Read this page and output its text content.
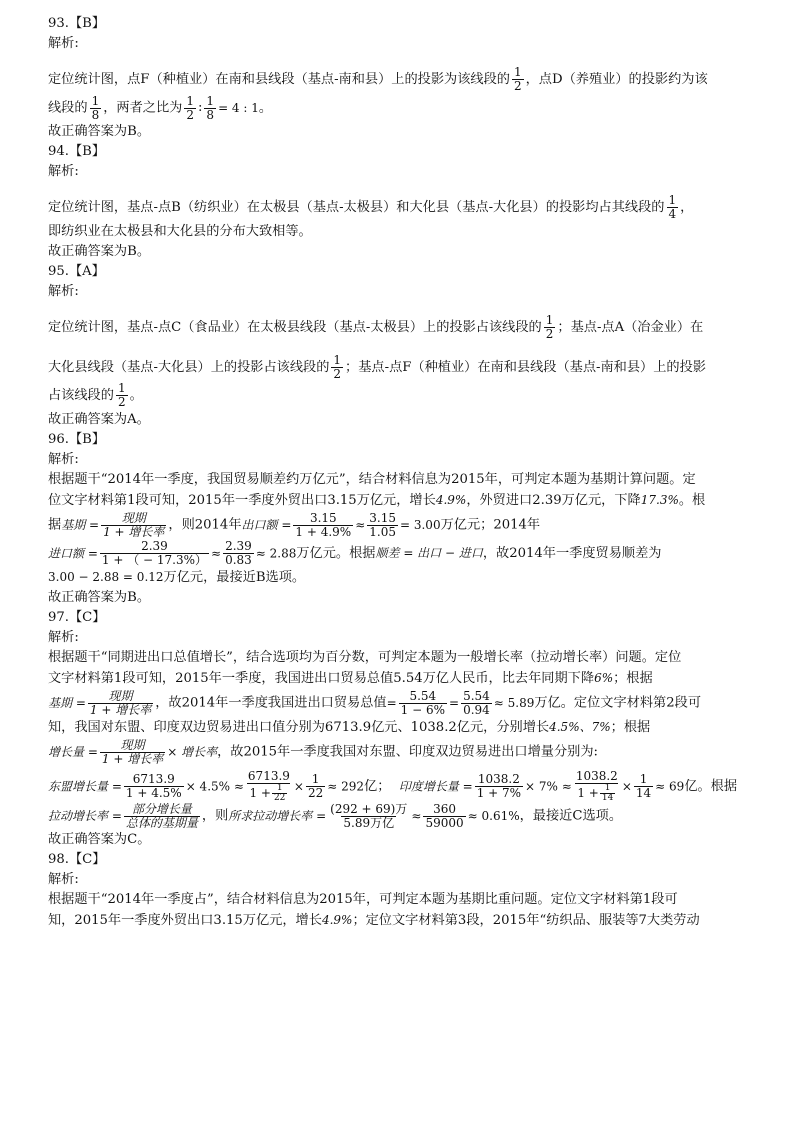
93.【B】
解析:
定位统计图，点F（种植业）在南和县线段（基点-南和县）上的投影为该线段的 $\frac{1}{2}$ ，点D（养殖业）的投影约为该
线段的 $\frac{1}{8}$ ，两者之比为 $\frac{1}{2}$ : $\frac{1}{8} = 4$ : 1。
故正确答案为B。
94.【B】
解析:
定位统计图，基点-点B（纺织业）在太极县（基点-太极县）和大化县（基点-大化县）的投影均占其线段的 $\frac{1}{4}$ ，
即纺织业在太极县和大化县的分布大致相等。
故正确答案为B。
95.【A】
解析:
定位统计图，基点-点C（食品业）在太极县线段（基点-太极县）上的投影占该线段的 $\frac{1}{2}$ ；基点-点A（冶金业）在
大化县线段（基点-大化县）上的投影占该线段的 $\frac{1}{2}$ ；基点-点F（种植业）在南和县线段（基点-南和县）上的投影
占该线段的 $\frac{1}{2}$ 。
故正确答案为A。
96.【B】
解析:
根据题干“2014年一季度，我国贸易顺差约万亿元”，结合材料信息为2015年，可判定本题为基期计算问题。定
位文字材料第1段可知，2015年一季度外贸出口3.15万亿元，增长4.9%，外贸进口2.39万亿元，下降17.3%。根
据基期 = $\frac{\text{现期}}{\text{1 + 增长率}}$ ，则2014年出口额 = $\frac{3.15}{1 + 4.9\%} \approx \frac{3.15}{1.05} = 3.00$万亿元；2014年
进口额 = $\frac{2.39}{1 + ( - 17.3\%)} \approx \frac{2.39}{0.83} \approx 2.88$万亿元。根据顺差 = 出口 − 进口，故2014年一季度贸易顺差为
3.00 − 2.88 = 0.12万亿元，最接近B选项。
故正确答案为B。
97.【C】
解析:
根据题干“同期进出口总值增长”，结合选项均为百分数，可判定本题为一般增长率（拉动增长率）问题。定位
文字材料第1段可知，2015年一季度，我国进出口贸易总值5.54万亿人民币，比去年同期下降6%；根据
基期 = $\frac{\text{现期}}{\text{1 + 增长率}}$ ，故2014年一季度我国进出口贸易总值= $\frac{5.54}{1 - 6\%} = \frac{5.54}{0.94} \approx 5.89$万亿。定位文字材料第2段可
知，我国对东盟、印度双边贸易进出口值分别为6713.9亿元、1038.2亿元，分别增长4.5%、7%；根据
增长量 = $\frac{\text{现期}}{\text{1 + 增长率}}$ × 增长率，故2015年一季度我国对东盟、印度双边贸易进出口增量分别为:
东盟增长量 = $\frac{6713.9}{1 + 4.5\%} \times 4.5\% \approx \frac{6713.9}{1 + \frac{1}{22}} \times \frac{1}{22} \approx 292$亿； 印度增长量 = $\frac{1038.2}{1 + 7\%} \times 7\% \approx \frac{1038.2}{1 + \frac{1}{14}} \times \frac{1}{14} \approx 69$亿。根据
拉动增长率 = $\frac{\text{部分增长量}}{\text{总体的基期量}}$ ，则所求拉动增长率 = $\frac{\text{(292 + 69)万}}{\text{5.89万亿}} \approx \frac{360}{59000} \approx 0.61\%$，最接近C选项。
故正确答案为C。
98.【C】
解析:
根据题干“2014年一季度占”，结合材料信息为2015年，可判定本题为基期比重问题。定位文字材料第1段可
知，2015年一季度外贸出口3.15万亿元，增长4.9%；定位文字材料第3段，2015年“纺织品、服装等7大类劳动
